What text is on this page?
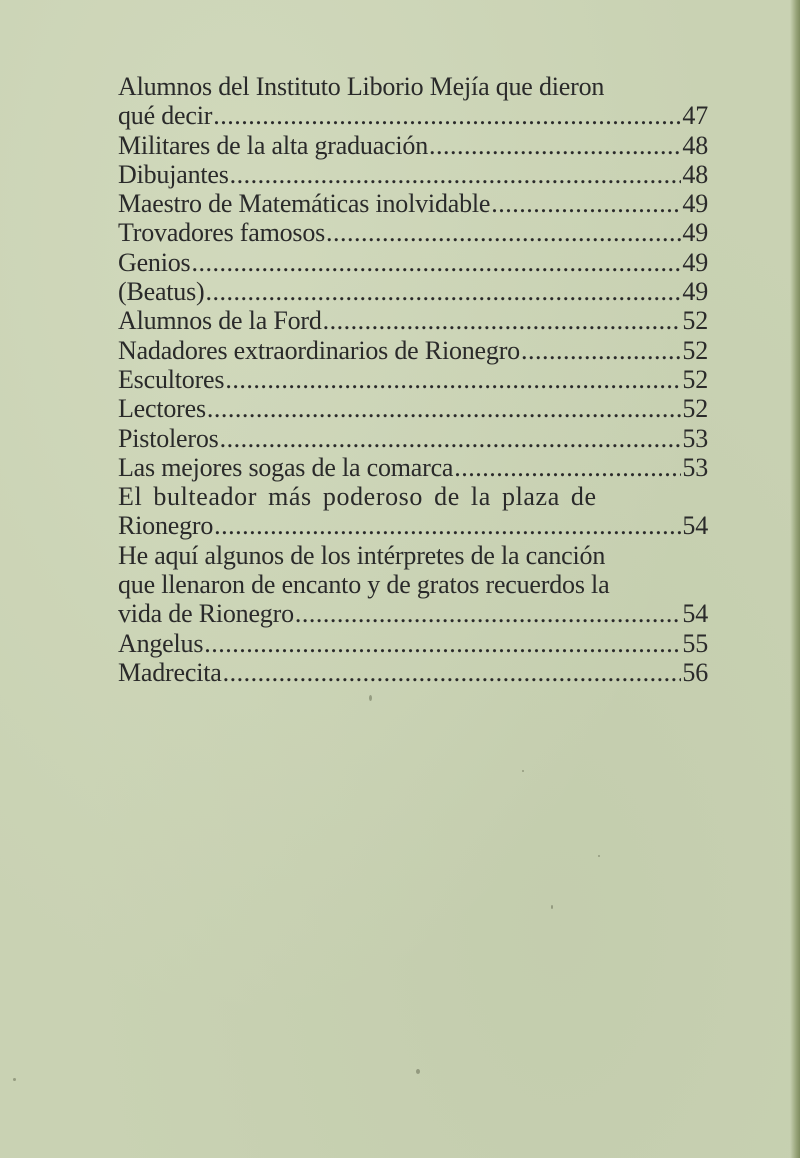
Alumnos del Instituto Liborio Mejía que dieron
qué decir .....	47
Militares de la alta graduación .....	48
Dibujantes .....	48
Maestro de Matemáticas inolvidable .....	49
Trovadores famosos .....	49
Genios .....	49
(Beatus) .....	49
Alumnos de la Ford .....	52
Nadadores extraordinarios de Rionegro .....	52
Escultores .....	52
Lectores .....	52
Pistoleros .....	53
Las mejores sogas de la comarca .....	53
El bulteador más poderoso de la plaza de
Rionegro .....	54
He aquí algunos de los intérpretes de la canción
que llenaron de encanto y de gratos recuerdos la
vida de Rionegro .....	54
Angelus .....	55
Madrecita .....	56
